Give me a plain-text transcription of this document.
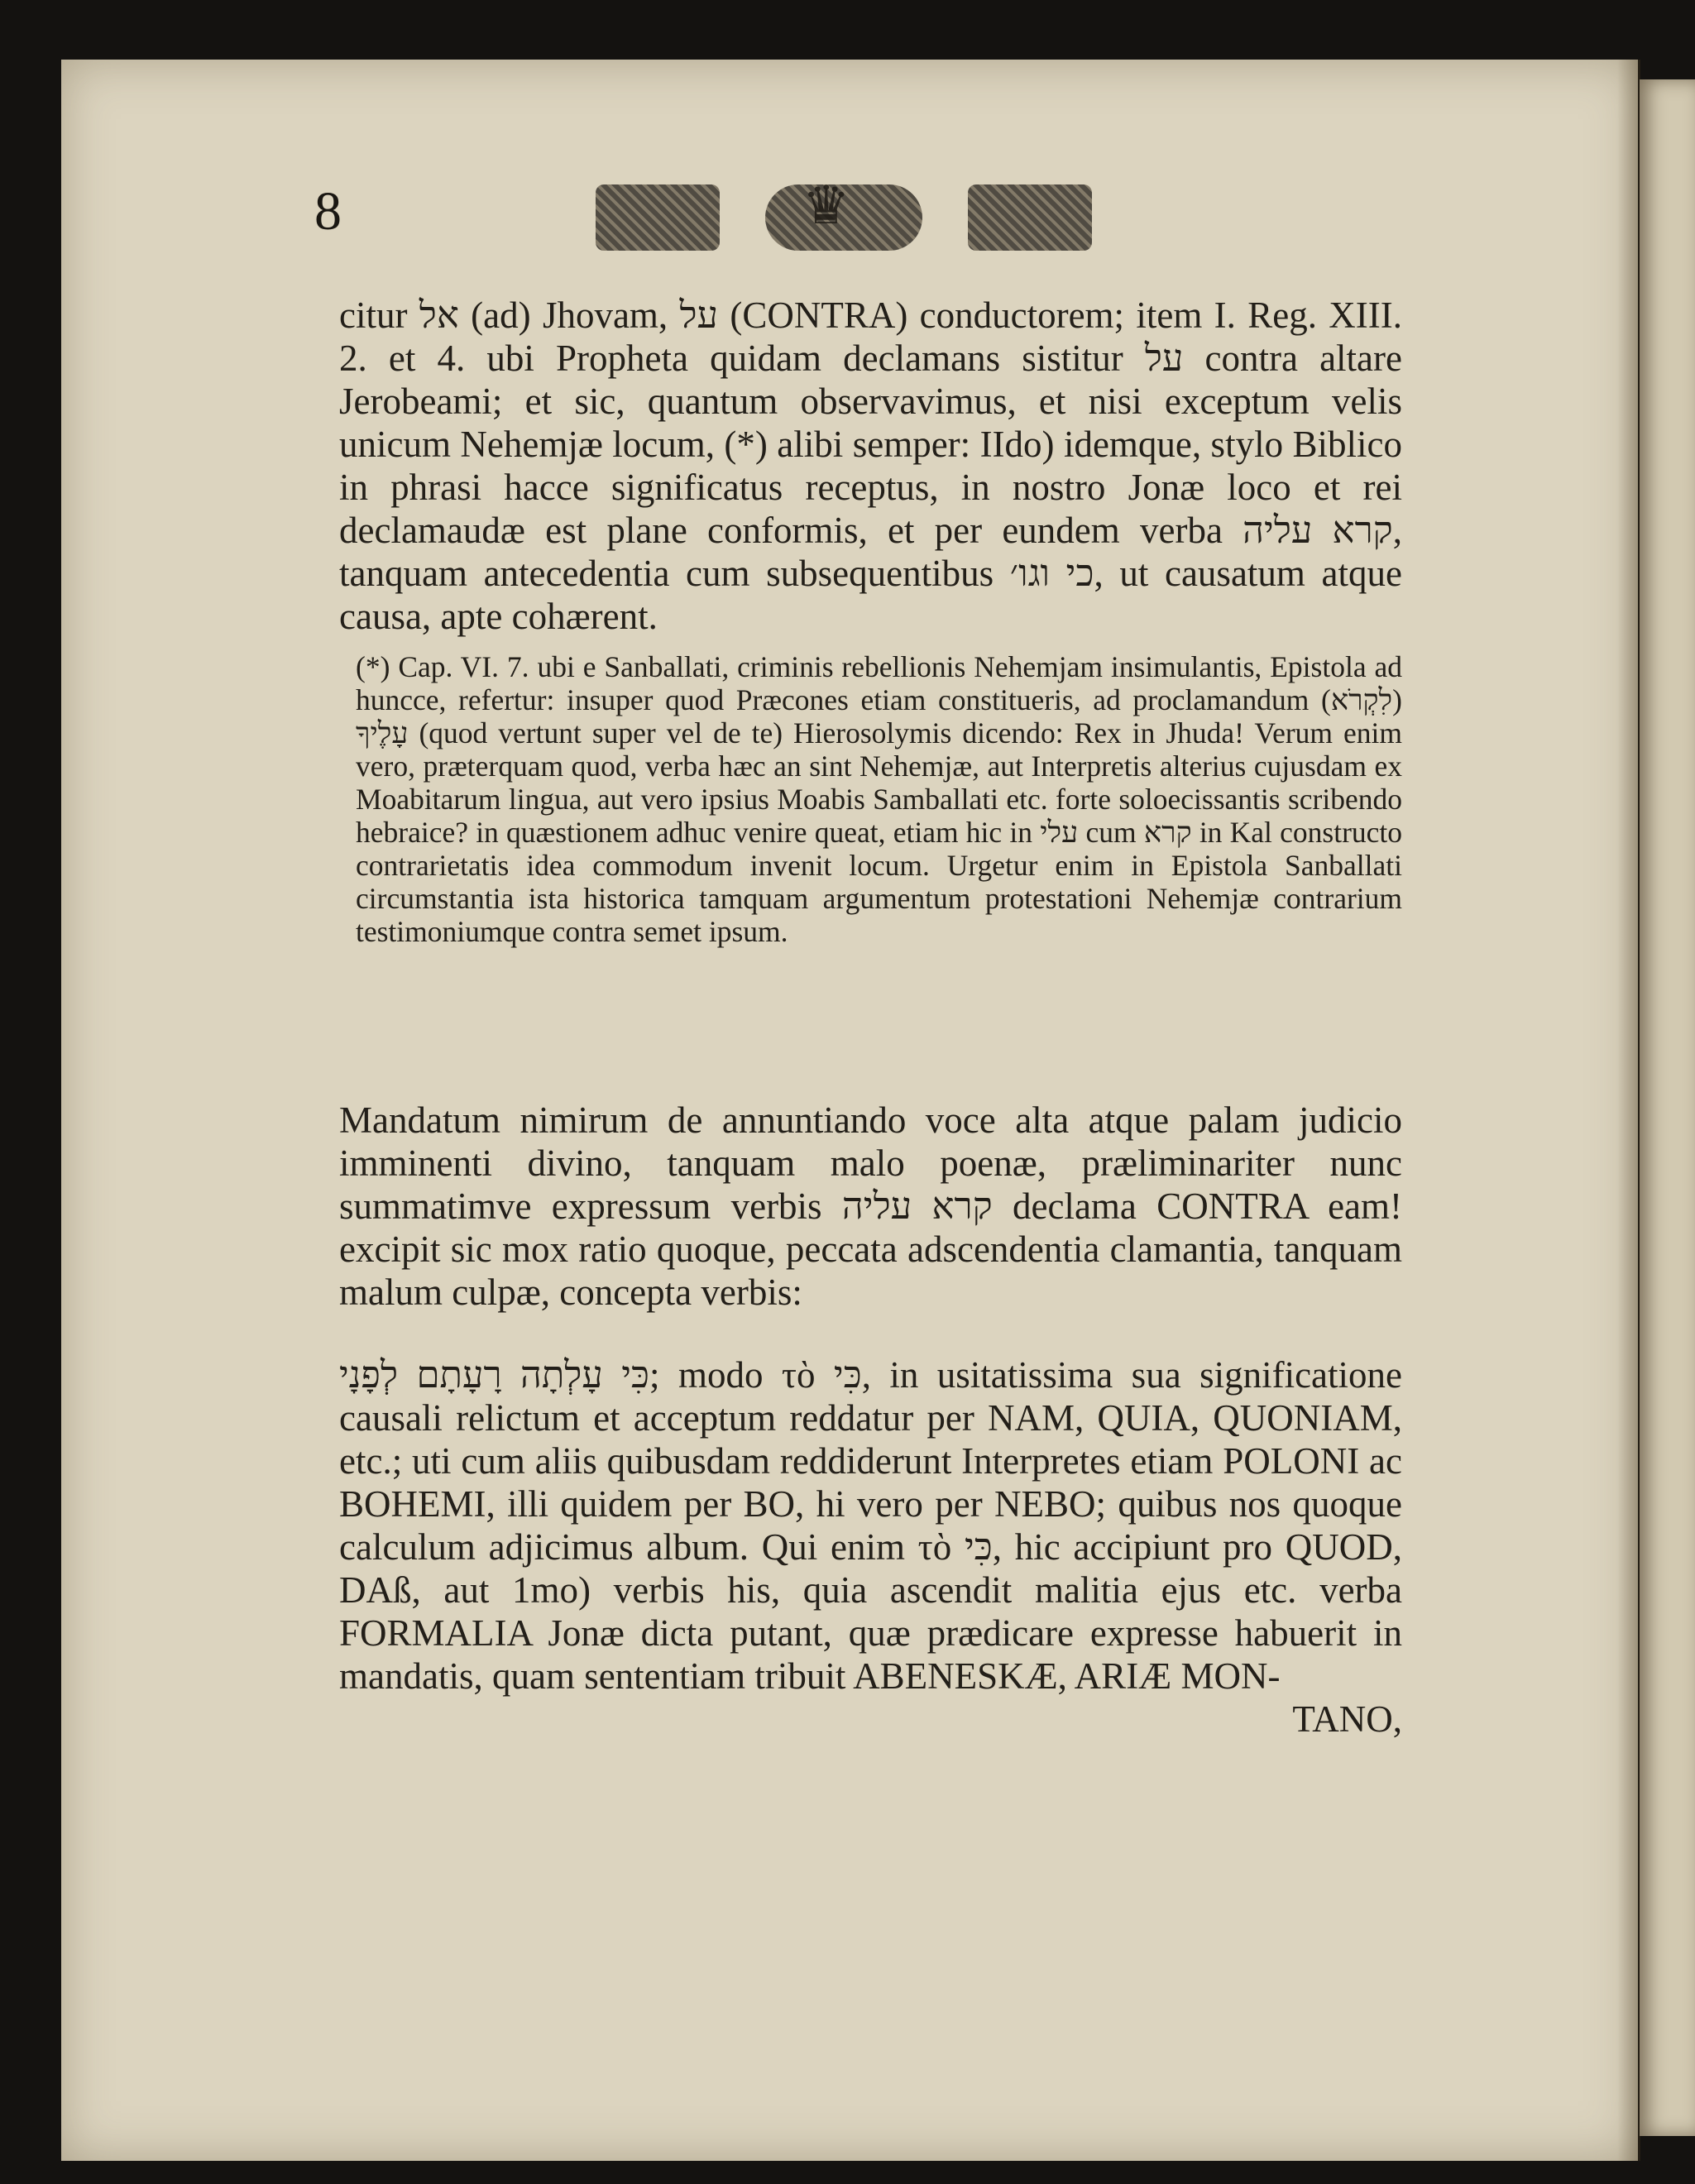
8	♛

citur אל (ad) Jhovam, על (CONTRA) conductorem; item I. Reg. XIII. 2. et 4. ubi Propheta quidam declamans sistitur על contra altare Jerobeami; et sic, quantum observavimus, et nisi exceptum velis unicum Nehemjæ locum, (*) alibi semper: IIdo) idemque, stylo Biblico in phrasi hacce significatus receptus, in nostro Jonæ loco et rei declamaudæ est plane conformis, et per eundem verba קרא עליה, tanquam antecedentia cum subsequentibus כי וגו׳, ut causatum atque causa, apte cohærent.

(*) Cap. VI. 7. ubi e Sanballati, criminis rebellionis Nehemjam insimulantis, Epistola ad huncce, refertur: insuper quod Præcones etiam constitueris, ad proclamandum (לִקְרֹא) עָלֶיךָ (quod vertunt super vel de te) Hierosolymis dicendo: Rex in Jhuda! Verum enim vero, præterquam quod, verba hæc an sint Nehemjæ, aut Interpretis alterius cujusdam ex Moabitarum lingua, aut vero ipsius Moabis Samballati etc. forte soloecissantis scribendo hebraice? in quæstionem adhuc venire queat, etiam hic in עלי cum קרא in Kal constructo contrarietatis idea commodum invenit locum. Urgetur enim in Epistola Sanballati circumstantia ista historica tamquam argumentum protestationi Nehemjæ contrarium testimoniumque contra semet ipsum.

Mandatum nimirum de annuntiando voce alta atque palam judicio imminenti divino, tanquam malo poenæ, præliminariter nunc summatimve expressum verbis קרא עליה declama CONTRA eam! excipit sic mox ratio quoque, peccata adscendentia clamantia, tanquam malum culpæ, concepta verbis:

כִּי עָלְתָה רָעָתָם לְפָנָי; modo τὸ כִּי, in usitatissima sua significatione causali relictum et acceptum reddatur per NAM, QUIA, QUONIAM, etc.; uti cum aliis quibusdam reddiderunt Interpretes etiam POLONI ac BOHEMI, illi quidem per BO, hi vero per NEBO; quibus nos quoque calculum adjicimus album. Qui enim τὸ כִּי, hic accipiunt pro QUOD, DAß, aut 1mo) verbis his, quia ascendit malitia ejus etc. verba FORMALIA Jonæ dicta putant, quæ prædicare expresse habuerit in mandatis, quam sententiam tribuit ABENESKÆ, ARIÆ MON-
TANO,
